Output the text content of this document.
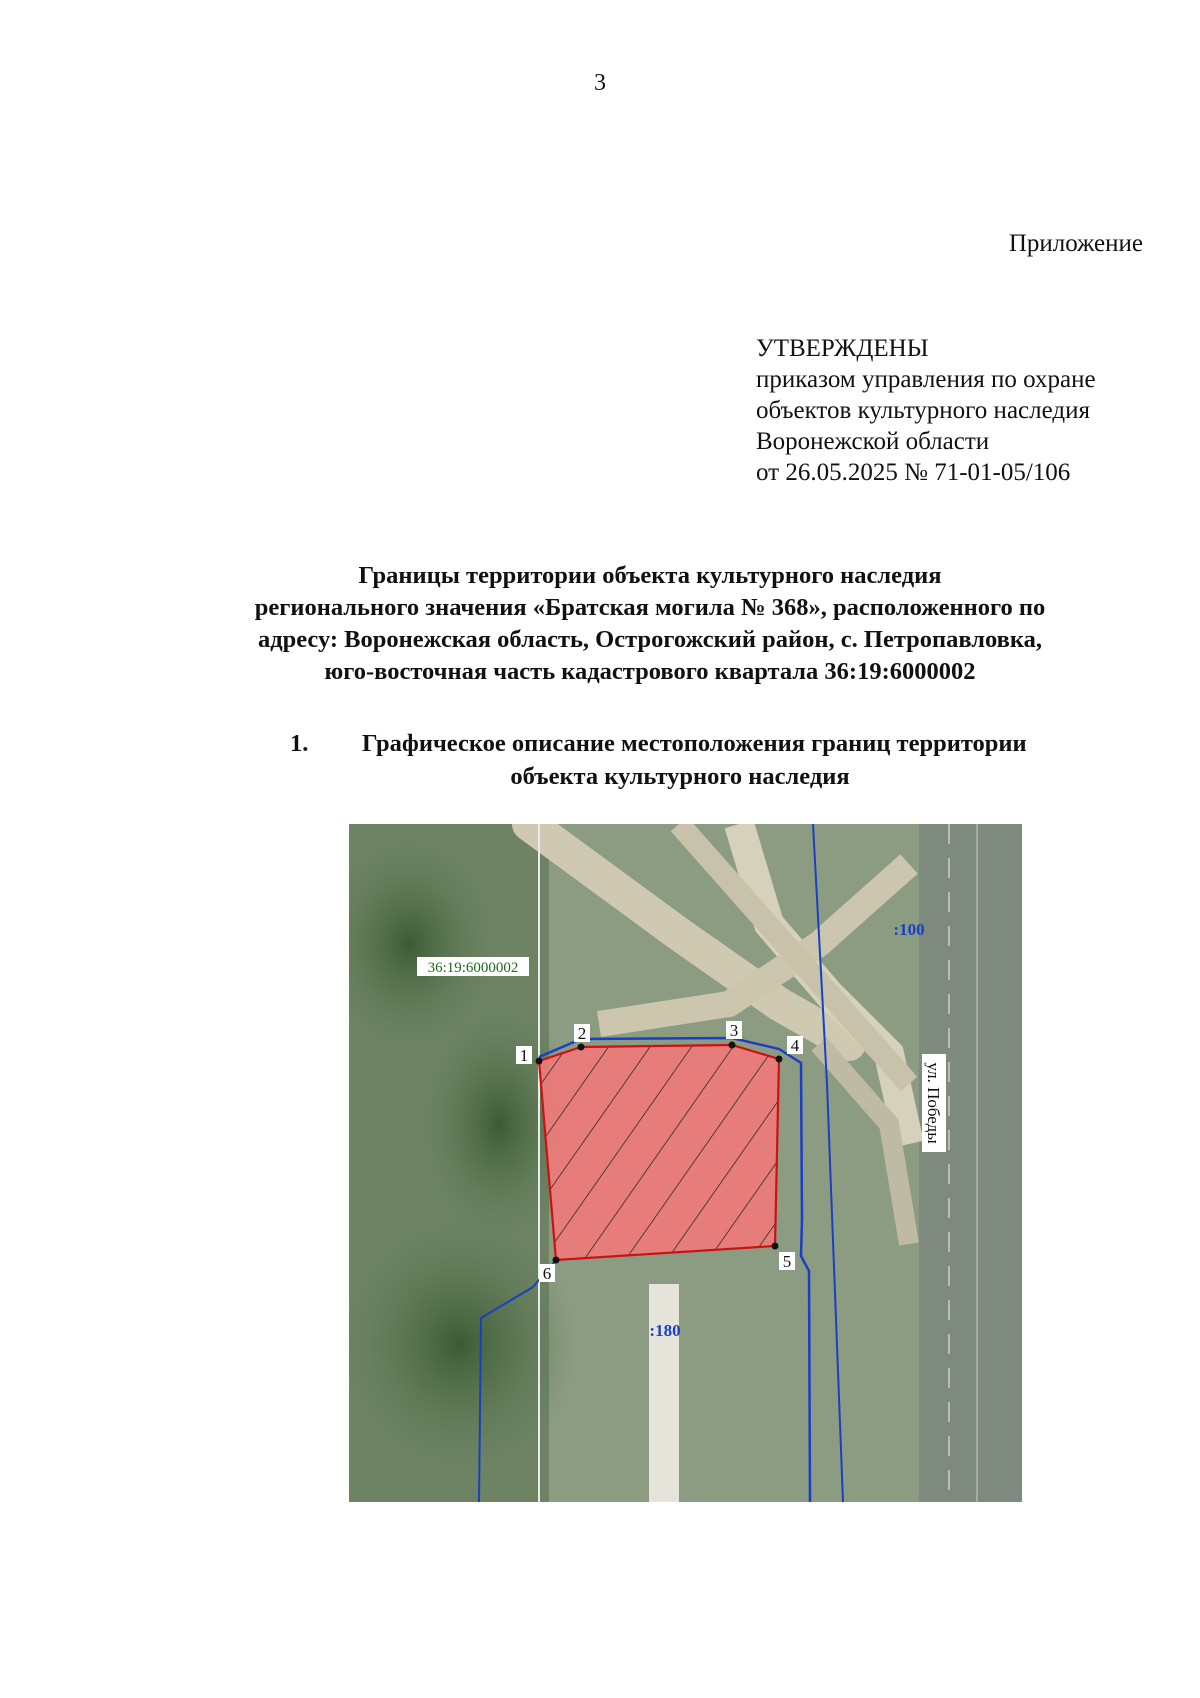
3
Приложение
УТВЕРЖДЕНЫ
приказом управления по охране
объектов культурного наследия
Воронежской области
от 26.05.2025 № 71-01-05/106
Границы территории объекта культурного наследия
регионального значения «Братская могила № 368», расположенного по
адресу: Воронежская область, Острогожский район, с. Петропавловка,
юго-восточная часть кадастрового квартала 36:19:6000002
1. Графическое описание местоположения границ территории
объекта культурного наследия
1
2	3
4
5
6
36:19:6000002
:100
:180
ул. Победы
